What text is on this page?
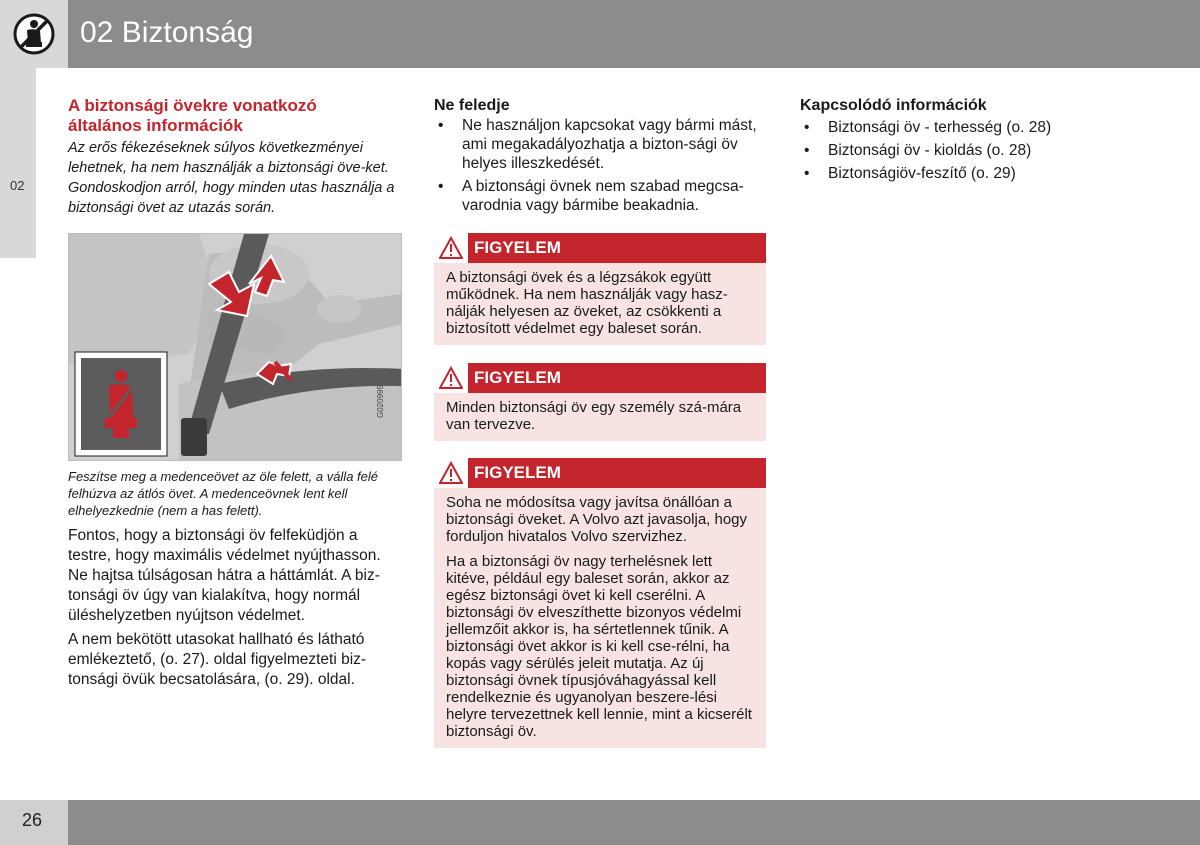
02 Biztonság
02
A biztonsági övekre vonatkozó
általános információk

Az erős fékezéseknek súlyos következményei lehetnek, ha nem használják a biztonsági öve-ket. Gondoskodjon arról, hogy minden utas használja a biztonsági övet az utazás során.

G020995

Feszítse meg a medenceövet az öle felett, a válla felé felhúzva az átlós övet. A medenceövnek lent kell elhelyezkednie (nem a has felett).

Fontos, hogy a biztonsági öv felfeküdjön a testre, hogy maximális védelmet nyújthasson. Ne hajtsa túlságosan hátra a háttámlát. A biz-tonsági öv úgy van kialakítva, hogy normál üléshelyzetben nyújtson védelmet.

A nem bekötött utasokat hallható és látható emlékeztető, (o. 27). oldal figyelmezteti biz-tonsági övük becsatolására, (o. 29). oldal.

Ne feledje
• Ne használjon kapcsokat vagy bármi mást, ami megakadályozhatja a bizton-sági öv helyes illeszkedését.
• A biztonsági övnek nem szabad megcsa-varodnia vagy bármibe beakadnia.
FIGYELEM

A biztonsági övek és a légzsákok együtt működnek. Ha nem használják vagy hasz-nálják helyesen az öveket, az csökkenti a biztosított védelmet egy baleset során.

FIGYELEM

Minden biztonsági öv egy személy szá-mára van tervezve.

FIGYELEM

Soha ne módosítsa vagy javítsa önállóan a biztonsági öveket. A Volvo azt javasolja, hogy forduljon hivatalos Volvo szervizhez.

Ha a biztonsági öv nagy terhelésnek lett kitéve, például egy baleset során, akkor az egész biztonsági övet ki kell cserélni. A biztonsági öv elveszíthette bizonyos védelmi jellemzőit akkor is, ha sértetlennek tűnik. A biztonsági övet akkor is ki kell cse-rélni, ha kopás vagy sérülés jeleit mutatja. Az új biztonsági övnek típusjóváhagyással kell rendelkeznie és ugyanolyan beszere-lési helyre tervezettnek kell lennie, mint a kicserélt biztonsági öv.

Kapcsolódó információk
• Biztonsági öv - terhesség (o. 28)
• Biztonsági öv - kioldás (o. 28)
• Biztonságiöv-feszítő (o. 29)
26
